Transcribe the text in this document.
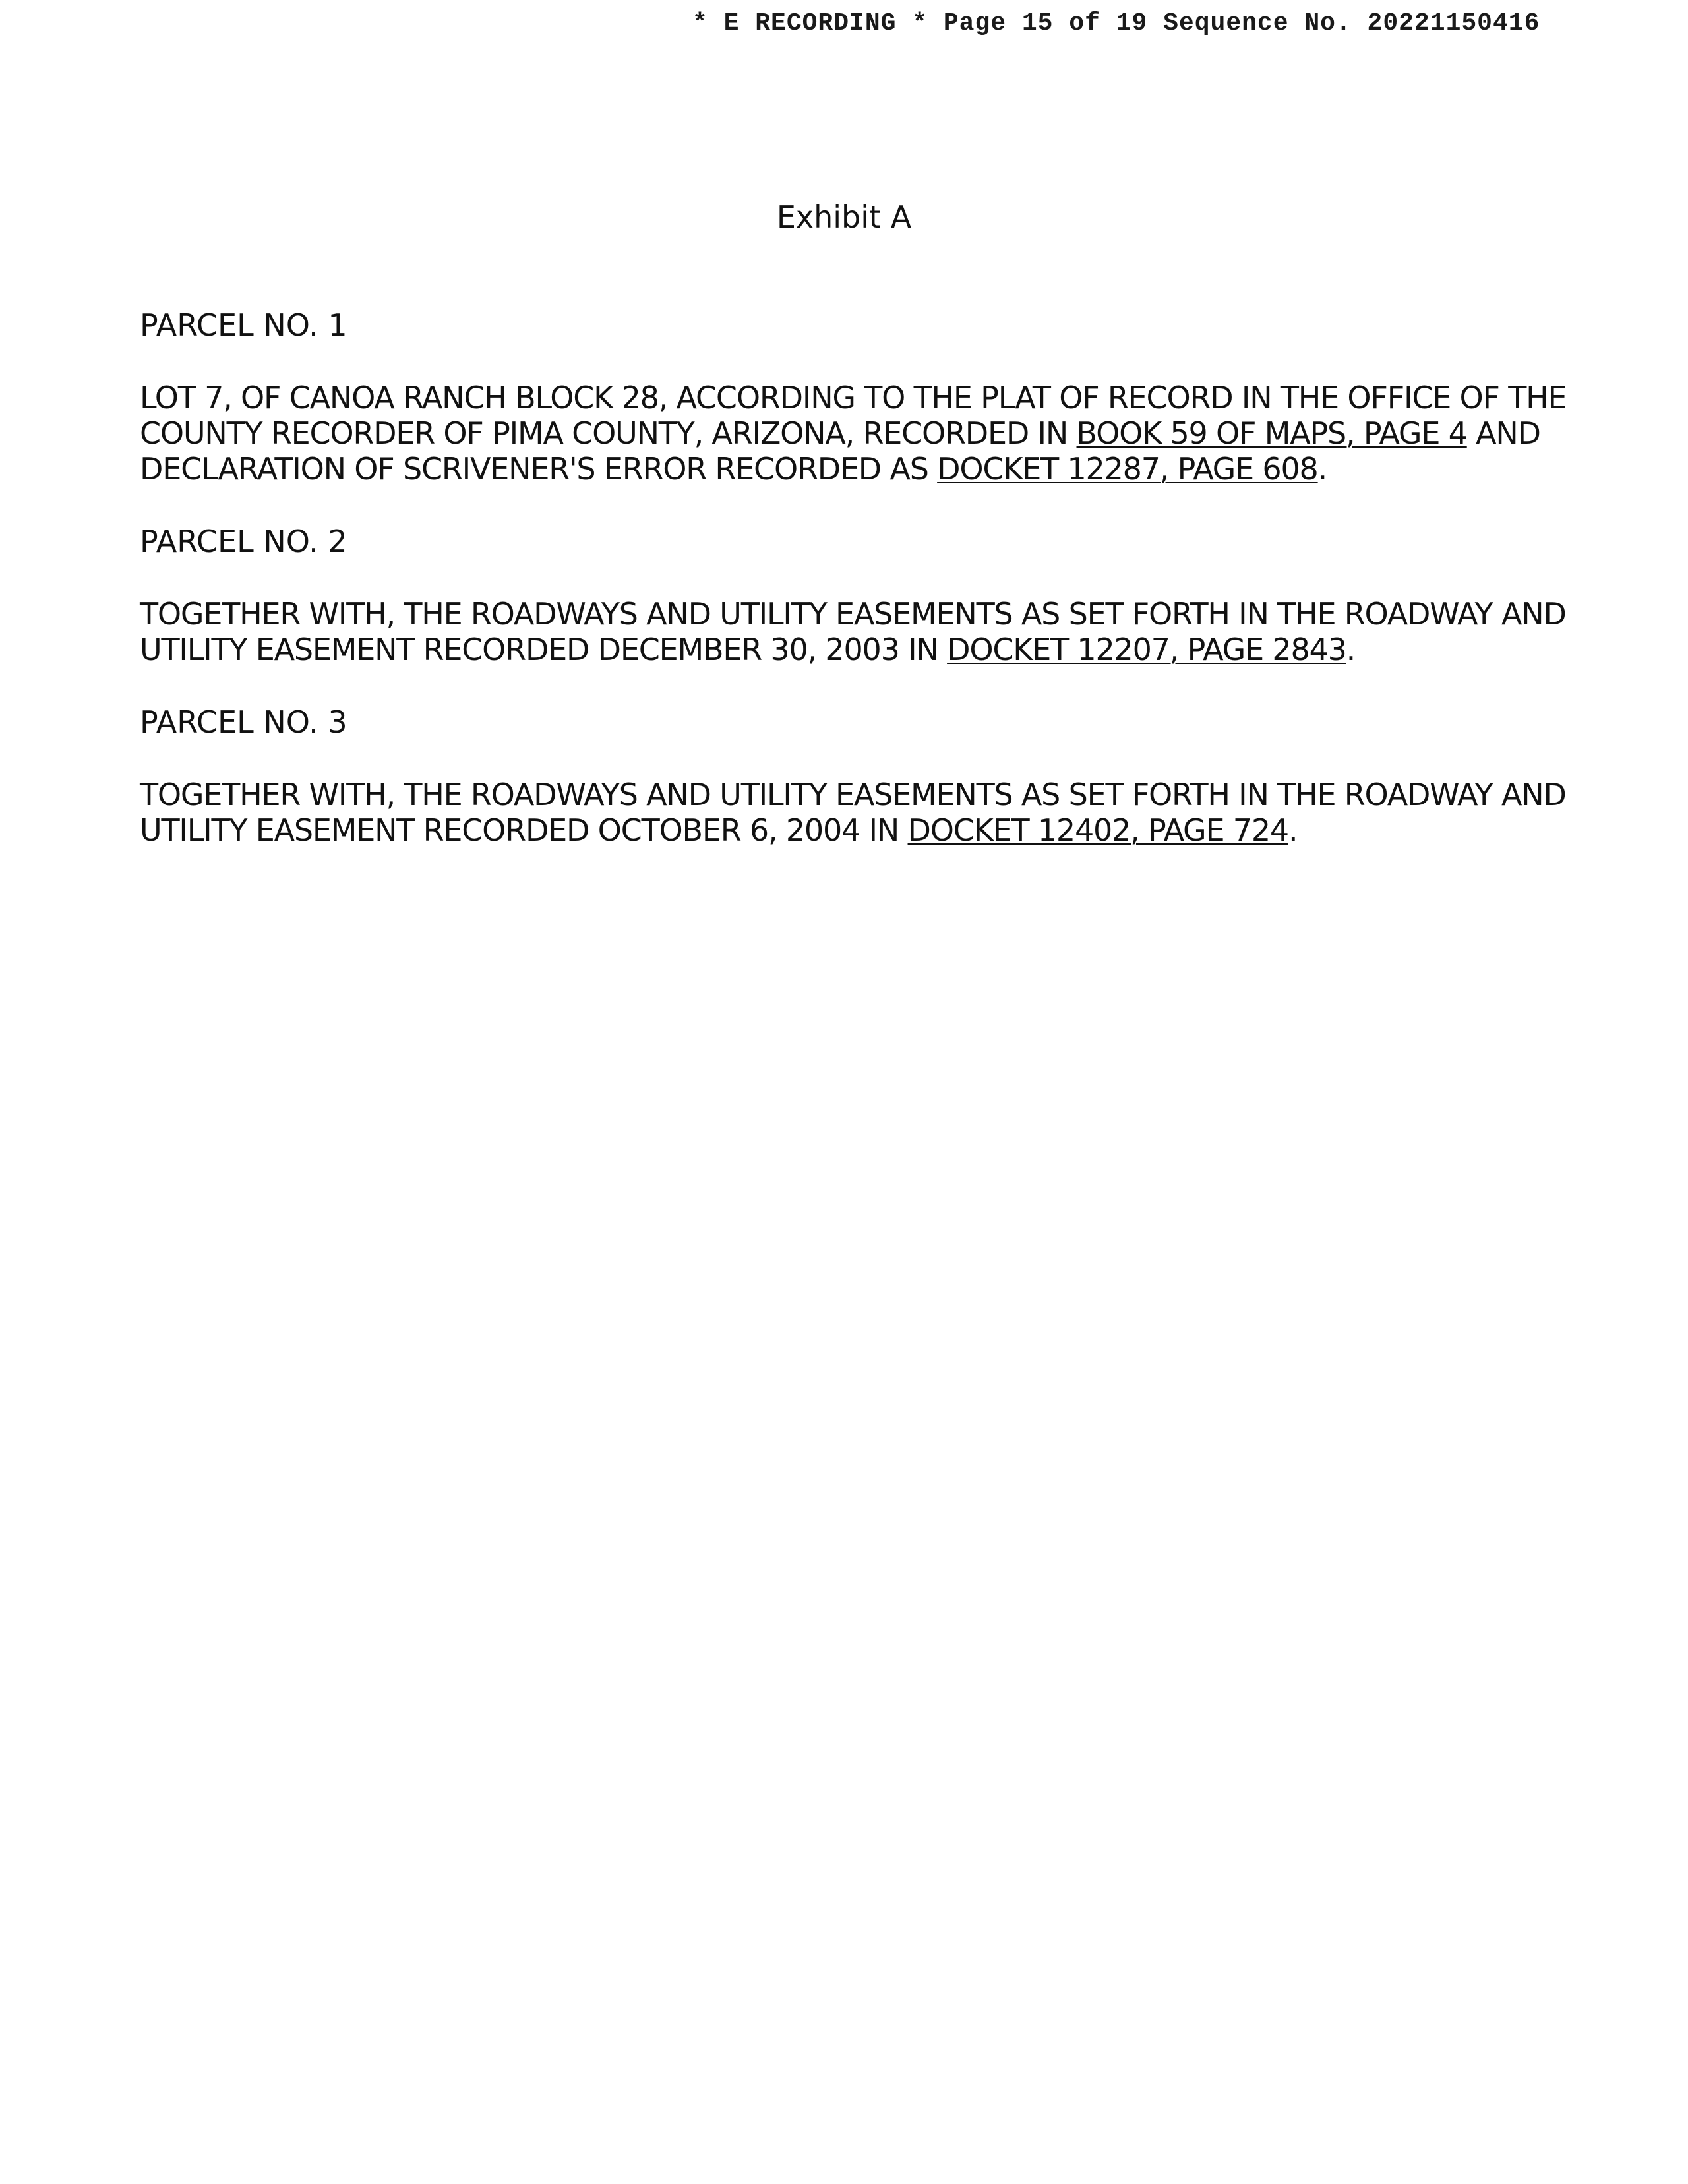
* E RECORDING * Page 15 of 19 Sequence No. 20221150416
Exhibit A
PARCEL NO. 1
LOT 7, OF CANOA RANCH BLOCK 28, ACCORDING TO THE PLAT OF RECORD IN THE OFFICE OF THE
COUNTY RECORDER OF PIMA COUNTY, ARIZONA, RECORDED IN BOOK 59 OF MAPS, PAGE 4 AND
DECLARATION OF SCRIVENER'S ERROR RECORDED AS DOCKET 12287, PAGE 608.
PARCEL NO. 2
TOGETHER WITH, THE ROADWAYS AND UTILITY EASEMENTS AS SET FORTH IN THE ROADWAY AND
UTILITY EASEMENT RECORDED DECEMBER 30, 2003 IN DOCKET 12207, PAGE 2843.
PARCEL NO. 3
TOGETHER WITH, THE ROADWAYS AND UTILITY EASEMENTS AS SET FORTH IN THE ROADWAY AND
UTILITY EASEMENT RECORDED OCTOBER 6, 2004 IN DOCKET 12402, PAGE 724.
